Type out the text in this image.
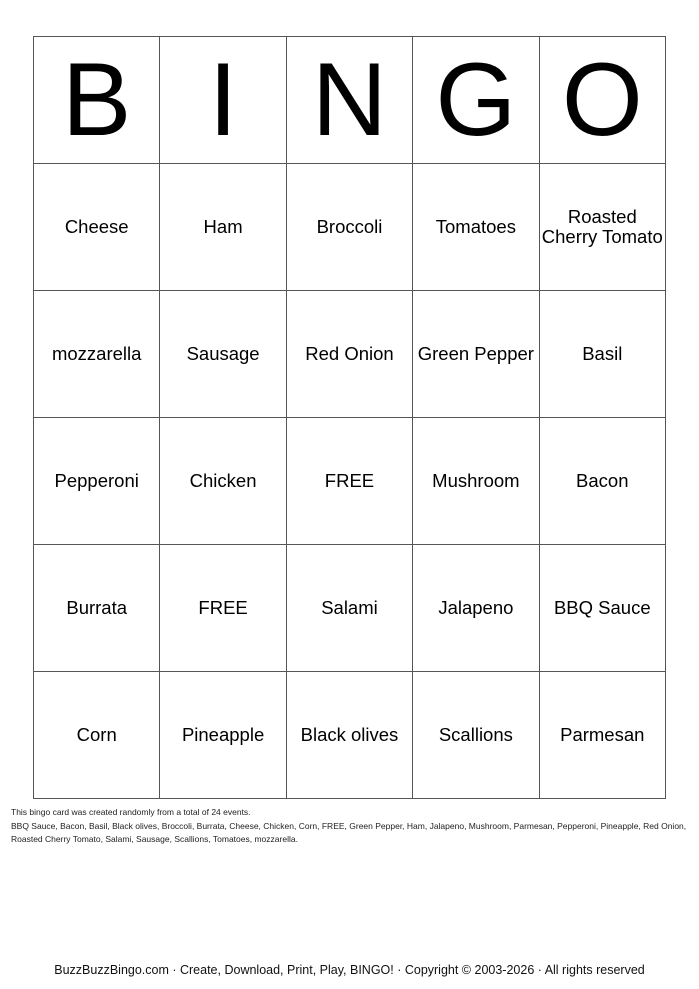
B	I	N	G	O
Cheese	Ham	Broccoli	Tomatoes	Roasted Cherry Tomato
mozzarella	Sausage	Red Onion	Green Pepper	Basil
Pepperoni	Chicken	FREE	Mushroom	Bacon
Burrata	FREE	Salami	Jalapeno	BBQ Sauce
Corn	Pineapple	Black olives	Scallions	Parmesan

This bingo card was created randomly from a total of 24 events.

BBQ Sauce, Bacon, Basil, Black olives, Broccoli, Burrata, Cheese, Chicken, Corn, FREE, Green Pepper, Ham, Jalapeno, Mushroom, Parmesan, Pepperoni, Pineapple, Red Onion, Roasted Cherry Tomato, Salami, Sausage, Scallions, Tomatoes, mozzarella.

BuzzBuzzBingo.com · Create, Download, Print, Play, BINGO! · Copyright © 2003-2026 · All rights reserved
